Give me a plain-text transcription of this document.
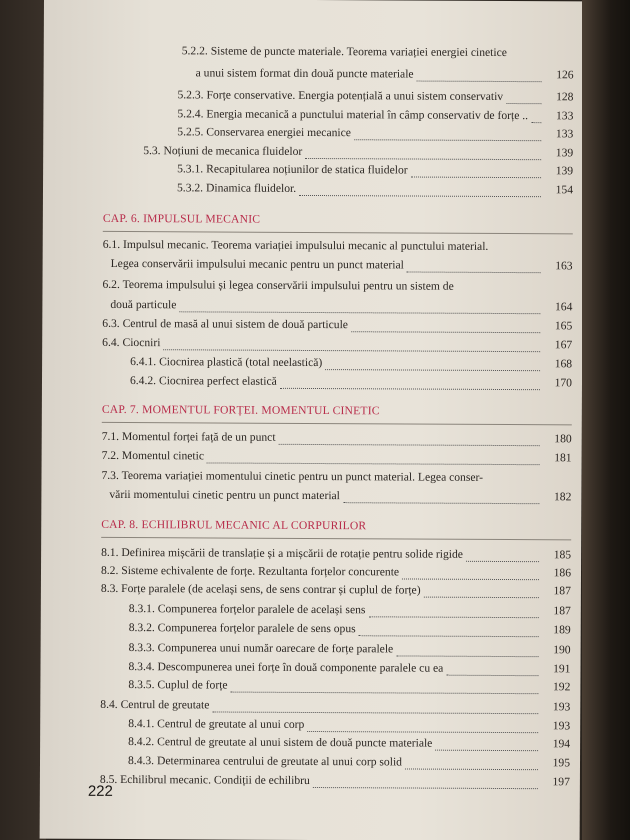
5.2.2. Sisteme de puncte materiale. Teorema variației energiei cinetice
a unui sistem format din două puncte materiale	126
5.2.3. Forțe conservative. Energia potențială a unui sistem conservativ	128
5.2.4. Energia mecanică a punctului material în câmp conservativ de forțe ..	133
5.2.5. Conservarea energiei mecanice	133
5.3. Noțiuni de mecanica fluidelor	139
5.3.1. Recapitularea noțiunilor de statica fluidelor	139
5.3.2. Dinamica fluidelor.	154
6.1. Impulsul mecanic. Teorema variației impulsului mecanic al punctului material.
Legea conservării impulsului mecanic pentru un punct material	163
6.2. Teorema impulsului și legea conservării impulsului pentru un sistem de
două particule	164
6.3. Centrul de masă al unui sistem de două particule	165
6.4. Ciocniri	167
6.4.1. Ciocnirea plastică (total neelastică)	168
6.4.2. Ciocnirea perfect elastică	170
7.1. Momentul forței față de un punct	180
7.2. Momentul cinetic	181
7.3. Teorema variației momentului cinetic pentru un punct material. Legea conser-
vării momentului cinetic pentru un punct material	182
8.1. Definirea mișcării de translație și a mișcării de rotație pentru solide rigide	185
8.2. Sisteme echivalente de forțe. Rezultanta forțelor concurente	186
8.3. Forțe paralele (de același sens, de sens contrar și cuplul de forțe)	187
8.3.1. Compunerea forțelor paralele de același sens	187
8.3.2. Compunerea forțelor paralele de sens opus	189
8.3.3. Compunerea unui număr oarecare de forțe paralele	190
8.3.4. Descompunerea unei forțe în două componente paralele cu ea	191
8.3.5. Cuplul de forțe	192
8.4. Centrul de greutate	193
8.4.1. Centrul de greutate al unui corp	193
8.4.2. Centrul de greutate al unui sistem de două puncte materiale	194
8.4.3. Determinarea centrului de greutate al unui corp solid	195
8.5. Echilibrul mecanic. Condiții de echilibru	197
CAP. 6. IMPULSUL MECANIC
CAP. 7. MOMENTUL FORȚEI. MOMENTUL CINETIC
CAP. 8. ECHILIBRUL MECANIC AL CORPURILOR
222
